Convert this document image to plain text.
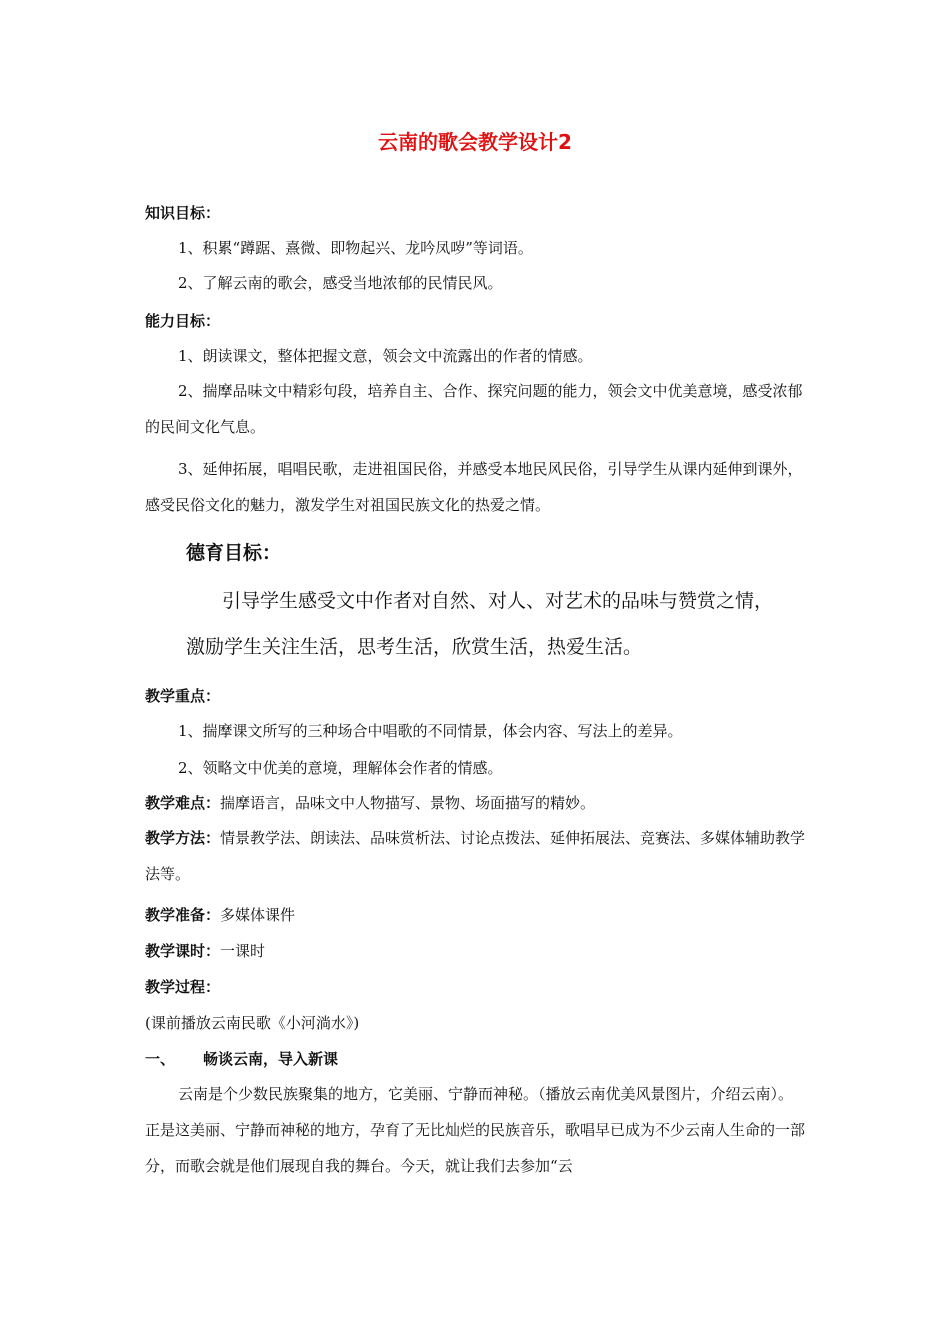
云南的歌会教学设计2
知识目标：
1、积累“蹲踞、熹微、即物起兴、龙吟凤哕”等词语。
2、了解云南的歌会，感受当地浓郁的民情民风。
能力目标：
1、朗读课文，整体把握文意，领会文中流露出的作者的情感。
2、揣摩品味文中精彩句段，培养自主、合作、探究问题的能力，领会文中优美意境，感受浓郁的民间文化气息。
3、延伸拓展，唱唱民歌，走进祖国民俗，并感受本地民风民俗，引导学生从课内延伸到课外，感受民俗文化的魅力，激发学生对祖国民族文化的热爱之情。
德育目标：
引导学生感受文中作者对自然、对人、对艺术的品味与赞赏之情，
激励学生关注生活，思考生活，欣赏生活，热爱生活。
教学重点：
1、揣摩课文所写的三种场合中唱歌的不同情景，体会内容、写法上的差异。
2、领略文中优美的意境，理解体会作者的情感。
教学难点：揣摩语言，品味文中人物描写、景物、场面描写的精妙。
教学方法：情景教学法、朗读法、品味赏析法、讨论点拨法、延伸拓展法、竞赛法、多媒体辅助教学法等。
教学准备：多媒体课件
教学课时：一课时
教学过程：
(课前播放云南民歌《小河淌水》)
一、 畅谈云南，导入新课
云南是个少数民族聚集的地方，它美丽、宁静而神秘。（播放云南优美风景图片，介绍云南）。正是这美丽、宁静而神秘的地方，孕育了无比灿烂的民族音乐，歌唱早已成为不少云南人生命的一部分，而歌会就是他们展现自我的舞台。今天，就让我们去参加“云
